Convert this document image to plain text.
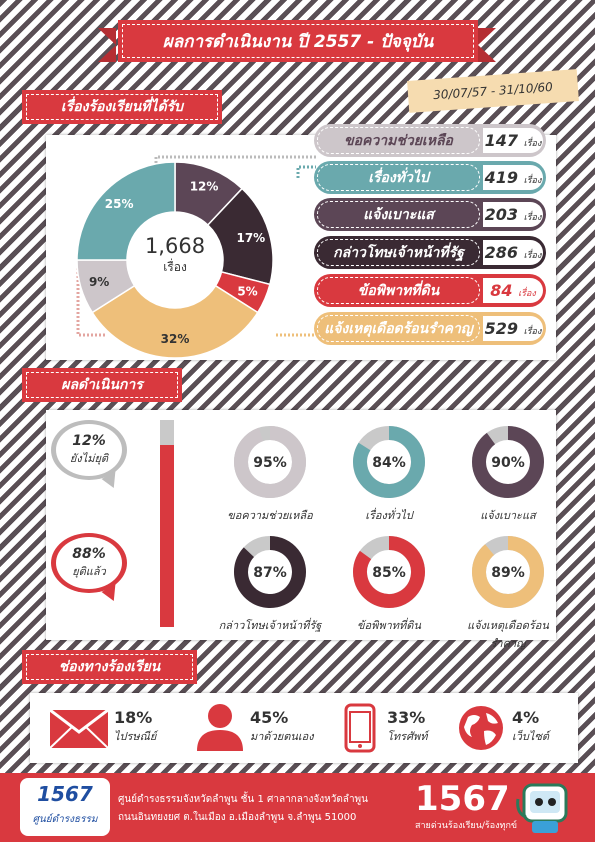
ผลการดำเนินงาน ปี 2557 - ปัจจุบัน
30/07/57 - 31/10/60
เรื่องร้องเรียนที่ได้รับ
12%
17%
5%
32%
9%
25%
1,668
เรื่อง
ขอความช่วยเหลือ	147 เรื่อง
เรื่องทั่วไป	419 เรื่อง
แจ้งเบาะแส	203 เรื่อง
กล่าวโทษเจ้าหน้าที่รัฐ	286 เรื่อง
ข้อพิพาทที่ดิน	84 เรื่อง
แจ้งเหตุเดือดร้อนรำคาญ 529 เรื่อง
ผลดำเนินการ
12%
ยังไม่ยุติ
88%
ยุติแล้ว
95%	84%	90%
87%	85%	89%
ขอความช่วยเหลือ	เรื่องทั่วไป	แจ้งเบาะแส
กล่าวโทษเจ้าหน้าที่รัฐ	ข้อพิพาทที่ดิน	แจ้งเหตุเดือดร้อนรำคาญ
ช่องทางร้องเรียน
18%
ไปรษณีย์
45%
มาด้วยตนเอง
33%
โทรศัพท์
4%
เว็บไซต์
1567
ศูนย์ดำรงธรรม
ศูนย์ดำรงธรรมจังหวัดลำพูน ชั้น 1 ศาลากลางจังหวัดลำพูน
ถนนอินทยงยศ ต.ในเมือง อ.เมืองลำพูน จ.ลำพูน 51000 1567
สายด่วนร้องเรียน/ร้องทุกข์
